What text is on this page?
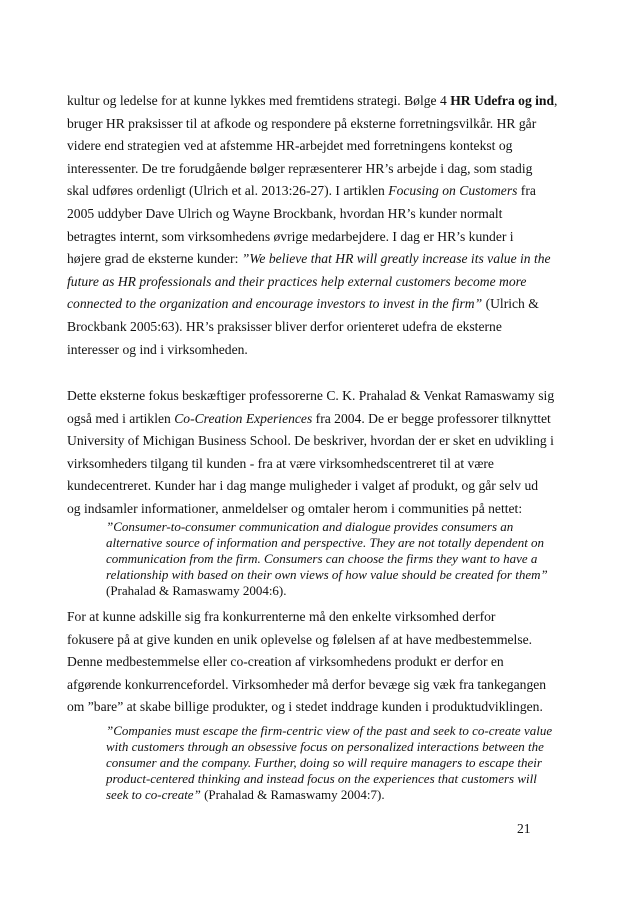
kultur og ledelse for at kunne lykkes med fremtidens strategi. Bølge 4 HR Udefra og ind,
bruger HR praksisser til at afkode og respondere på eksterne forretningsvilkår. HR går
videre end strategien ved at afstemme HR-arbejdet med forretningens kontekst og
interessenter. De tre forudgående bølger repræsenterer HR’s arbejde i dag, som stadig
skal udføres ordenligt (Ulrich et al. 2013:26-27). I artiklen Focusing on Customers fra
2005 uddyber Dave Ulrich og Wayne Brockbank, hvordan HR’s kunder normalt
betragtes internt, som virksomhedens øvrige medarbejdere. I dag er HR’s kunder i
højere grad de eksterne kunder: ”We believe that HR will greatly increase its value in the
future as HR professionals and their practices help external customers become more
connected to the organization and encourage investors to invest in the firm” (Ulrich &
Brockbank 2005:63). HR’s praksisser bliver derfor orienteret udefra de eksterne
interesser og ind i virksomheden.
Dette eksterne fokus beskæftiger professorerne C. K. Prahalad & Venkat Ramaswamy sig
også med i artiklen Co-Creation Experiences fra 2004. De er begge professorer tilknyttet
University of Michigan Business School. De beskriver, hvordan der er sket en udvikling i
virksomheders tilgang til kunden - fra at være virksomhedscentreret til at være
kundecentreret. Kunder har i dag mange muligheder i valget af produkt, og går selv ud
og indsamler informationer, anmeldelser og omtaler herom i communities på nettet:
”Consumer-to-consumer communication and dialogue provides consumers an
alternative source of information and perspective. They are not totally dependent on
communication from the firm. Consumers can choose the firms they want to have a
relationship with based on their own views of how value should be created for them”
(Prahalad & Ramaswamy 2004:6).
For at kunne adskille sig fra konkurrenterne må den enkelte virksomhed derfor
fokusere på at give kunden en unik oplevelse og følelsen af at have medbestemmelse.
Denne medbestemmelse eller co-creation af virksomhedens produkt er derfor en
afgørende konkurrencefordel. Virksomheder må derfor bevæge sig væk fra tankegangen
om ”bare” at skabe billige produkter, og i stedet inddrage kunden i produktudviklingen.
”Companies must escape the firm-centric view of the past and seek to co-create value
with customers through an obsessive focus on personalized interactions between the
consumer and the company. Further, doing so will require managers to escape their
product-centered thinking and instead focus on the experiences that customers will
seek to co-create” (Prahalad & Ramaswamy 2004:7).
21
